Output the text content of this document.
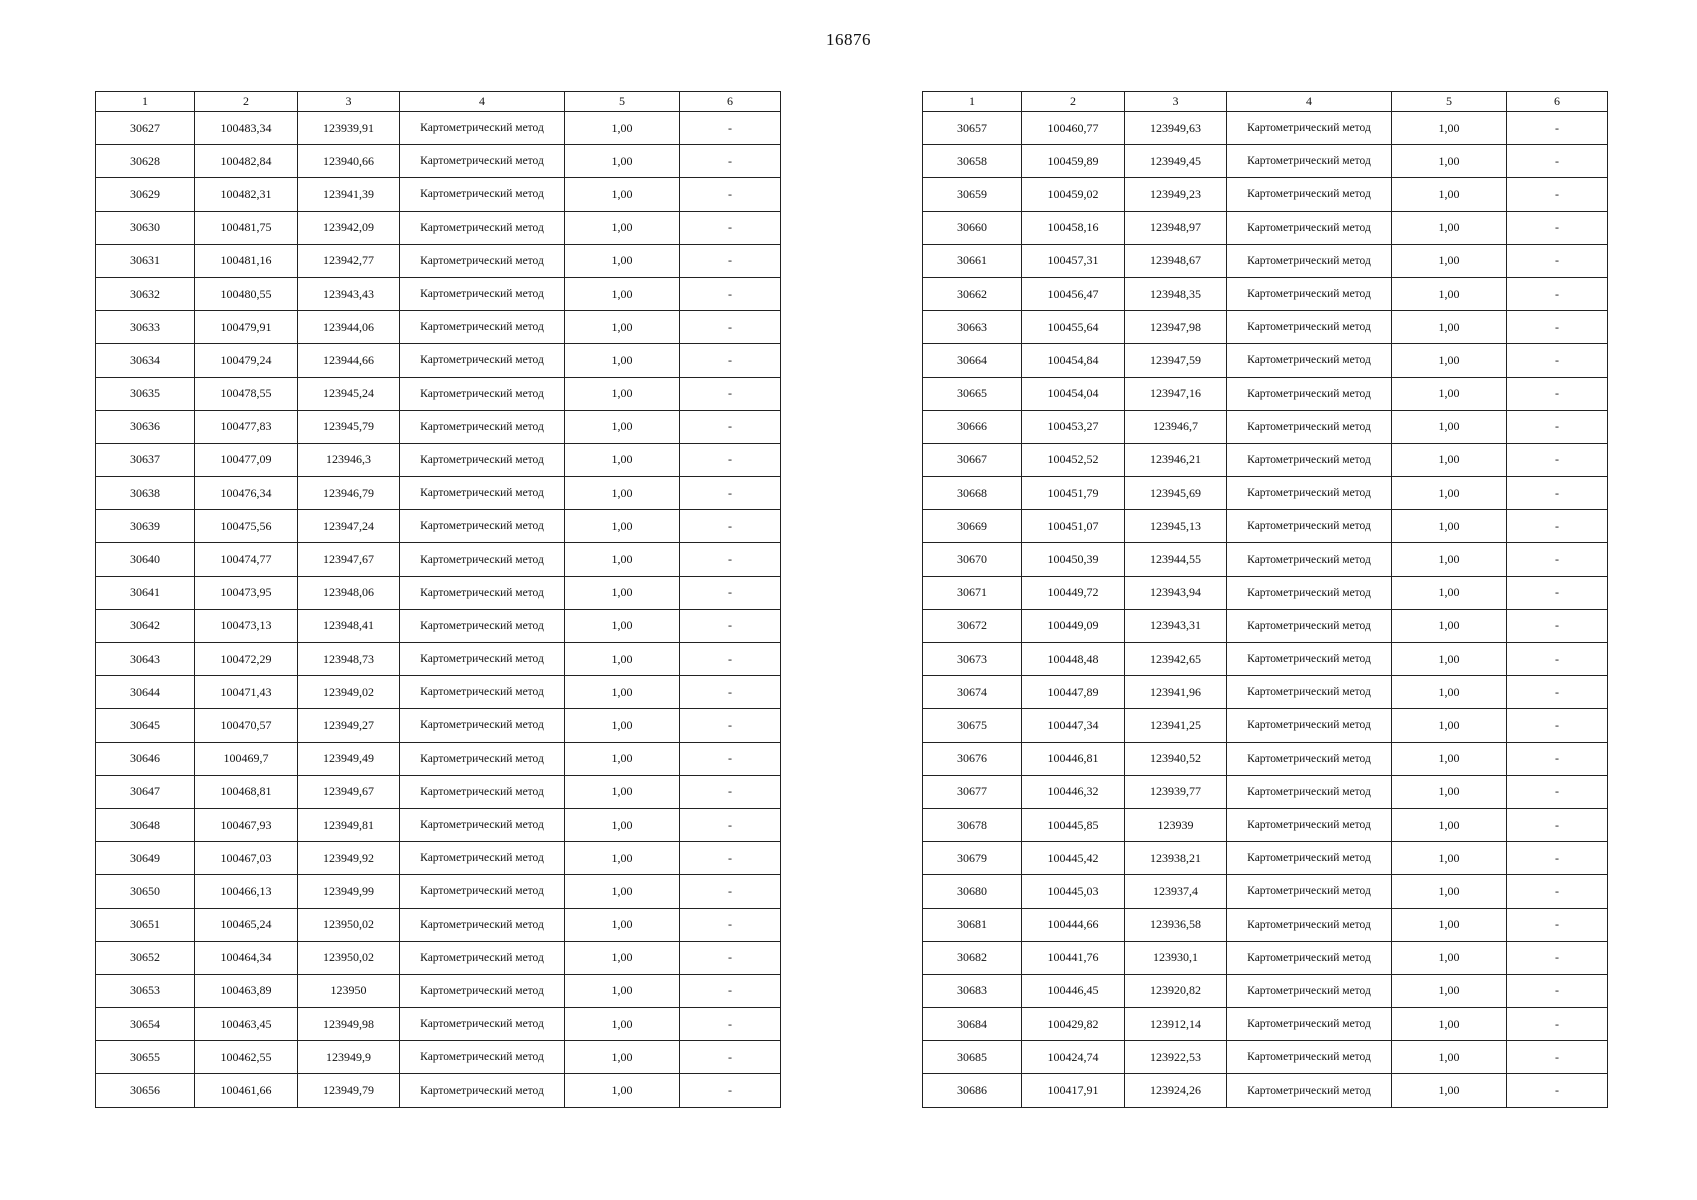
16876
1	2	3	4	5	6
30627	100483,34	123939,91	Картометрический метод	1,00	-
30628	100482,84	123940,66	Картометрический метод	1,00	-
30629	100482,31	123941,39	Картометрический метод	1,00	-
30630	100481,75	123942,09	Картометрический метод	1,00	-
30631	100481,16	123942,77	Картометрический метод	1,00	-
30632	100480,55	123943,43	Картометрический метод	1,00	-
30633	100479,91	123944,06	Картометрический метод	1,00	-
30634	100479,24	123944,66	Картометрический метод	1,00	-
30635	100478,55	123945,24	Картометрический метод	1,00	-
30636	100477,83	123945,79	Картометрический метод	1,00	-
30637	100477,09	123946,3	Картометрический метод	1,00	-
30638	100476,34	123946,79	Картометрический метод	1,00	-
30639	100475,56	123947,24	Картометрический метод	1,00	-
30640	100474,77	123947,67	Картометрический метод	1,00	-
30641	100473,95	123948,06	Картометрический метод	1,00	-
30642	100473,13	123948,41	Картометрический метод	1,00	-
30643	100472,29	123948,73	Картометрический метод	1,00	-
30644	100471,43	123949,02	Картометрический метод	1,00	-
30645	100470,57	123949,27	Картометрический метод	1,00	-
30646	100469,7	123949,49	Картометрический метод	1,00	-
30647	100468,81	123949,67	Картометрический метод	1,00	-
30648	100467,93	123949,81	Картометрический метод	1,00	-
30649	100467,03	123949,92	Картометрический метод	1,00	-
30650	100466,13	123949,99	Картометрический метод	1,00	-
30651	100465,24	123950,02	Картометрический метод	1,00	-
30652	100464,34	123950,02	Картометрический метод	1,00	-
30653	100463,89	123950	Картометрический метод	1,00	-
30654	100463,45	123949,98	Картометрический метод	1,00	-
30655	100462,55	123949,9	Картометрический метод	1,00	-
30656	100461,66	123949,79	Картометрический метод	1,00	-
1	2	3	4	5	6
30657	100460,77	123949,63	Картометрический метод	1,00	-
30658	100459,89	123949,45	Картометрический метод	1,00	-
30659	100459,02	123949,23	Картометрический метод	1,00	-
30660	100458,16	123948,97	Картометрический метод	1,00	-
30661	100457,31	123948,67	Картометрический метод	1,00	-
30662	100456,47	123948,35	Картометрический метод	1,00	-
30663	100455,64	123947,98	Картометрический метод	1,00	-
30664	100454,84	123947,59	Картометрический метод	1,00	-
30665	100454,04	123947,16	Картометрический метод	1,00	-
30666	100453,27	123946,7	Картометрический метод	1,00	-
30667	100452,52	123946,21	Картометрический метод	1,00	-
30668	100451,79	123945,69	Картометрический метод	1,00	-
30669	100451,07	123945,13	Картометрический метод	1,00	-
30670	100450,39	123944,55	Картометрический метод	1,00	-
30671	100449,72	123943,94	Картометрический метод	1,00	-
30672	100449,09	123943,31	Картометрический метод	1,00	-
30673	100448,48	123942,65	Картометрический метод	1,00	-
30674	100447,89	123941,96	Картометрический метод	1,00	-
30675	100447,34	123941,25	Картометрический метод	1,00	-
30676	100446,81	123940,52	Картометрический метод	1,00	-
30677	100446,32	123939,77	Картометрический метод	1,00	-
30678	100445,85	123939	Картометрический метод	1,00	-
30679	100445,42	123938,21	Картометрический метод	1,00	-
30680	100445,03	123937,4	Картометрический метод	1,00	-
30681	100444,66	123936,58	Картометрический метод	1,00	-
30682	100441,76	123930,1	Картометрический метод	1,00	-
30683	100446,45	123920,82	Картометрический метод	1,00	-
30684	100429,82	123912,14	Картометрический метод	1,00	-
30685	100424,74	123922,53	Картометрический метод	1,00	-
30686	100417,91	123924,26	Картометрический метод	1,00	-
